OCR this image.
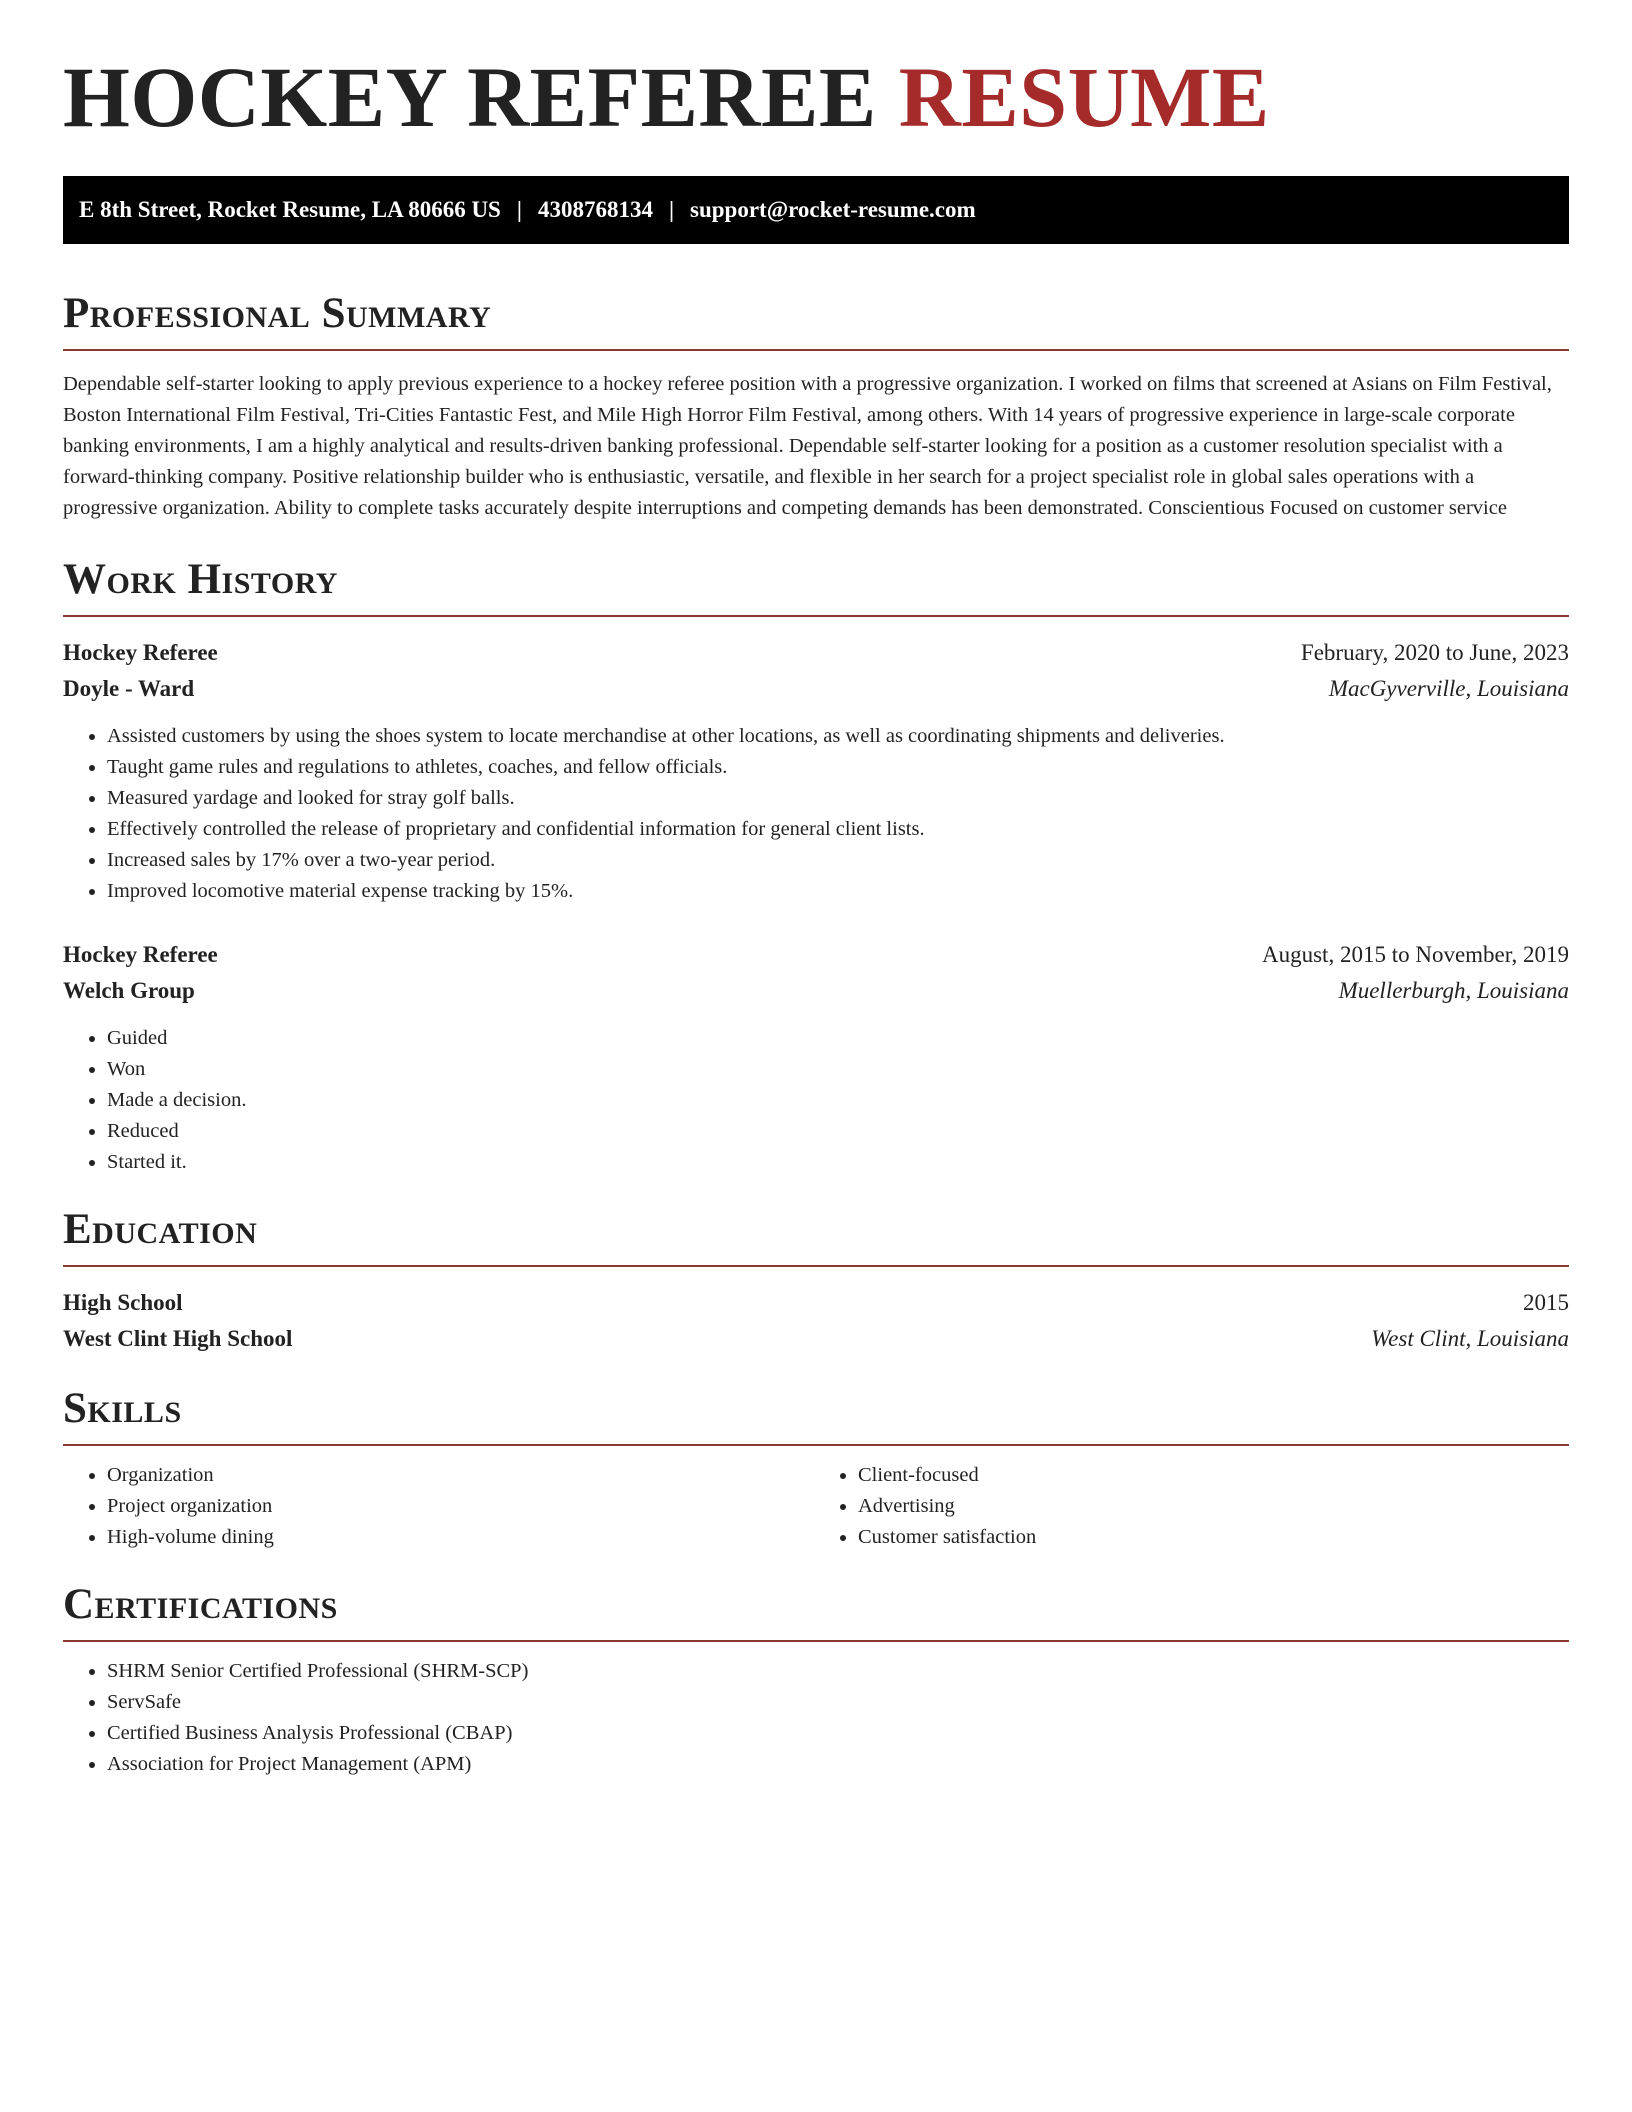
HOCKEY REFEREE RESUME
E 8th Street, Rocket Resume, LA 80666 US | 4308768134 | support@rocket-resume.com
Professional Summary

Dependable self-starter looking to apply previous experience to a hockey referee position with a progressive organization. I worked on films that screened at Asians on Film Festival, Boston International Film Festival, Tri-Cities Fantastic Fest, and Mile High Horror Film Festival, among others. With 14 years of progressive experience in large-scale corporate banking environments, I am a highly analytical and results-driven banking professional. Dependable self-starter looking for a position as a customer resolution specialist with a forward-thinking company. Positive relationship builder who is enthusiastic, versatile, and flexible in her search for a project specialist role in global sales operations with a progressive organization. Ability to complete tasks accurately despite interruptions and competing demands has been demonstrated. Conscientious Focused on customer service

Work History
Hockey Referee	February, 2020 to June, 2023
Doyle - Ward	MacGyverville, Louisiana
• Assisted customers by using the shoes system to locate merchandise at other locations, as well as coordinating shipments and deliveries.
• Taught game rules and regulations to athletes, coaches, and fellow officials.
• Measured yardage and looked for stray golf balls.
• Effectively controlled the release of proprietary and confidential information for general client lists.
• Increased sales by 17% over a two-year period.
• Improved locomotive material expense tracking by 15%.
Hockey Referee	August, 2015 to November, 2019
Welch Group	Muellerburgh, Louisiana
• Guided
• Won
• Made a decision.
• Reduced
• Started it.
Education
High School	2015
West Clint High School	West Clint, Louisiana
Skills
• Organization
• Project organization
• High-volume dining
• Client-focused
• Advertising
• Customer satisfaction
Certifications
• SHRM Senior Certified Professional (SHRM-SCP)
• ServSafe
• Certified Business Analysis Professional (CBAP)
• Association for Project Management (APM)
